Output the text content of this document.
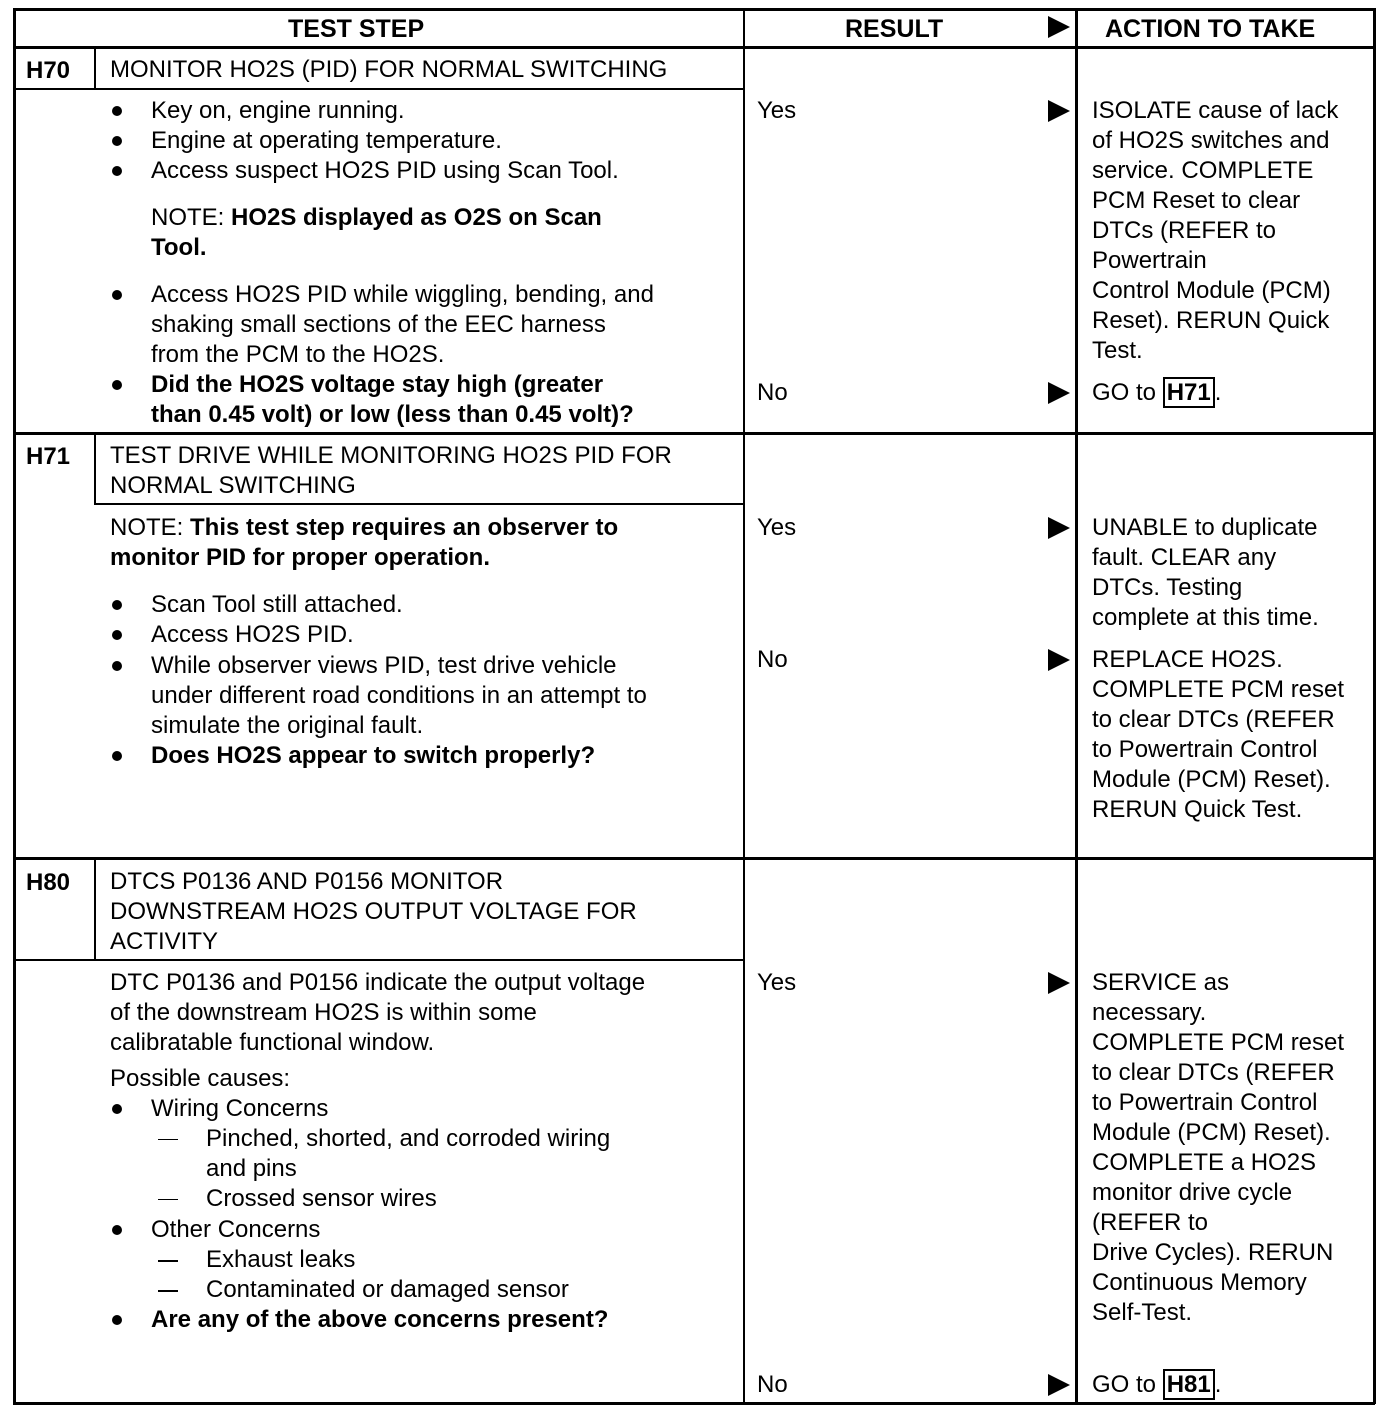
TEST STEP	RESULT	ACTION TO TAKE
H70 MONITOR HO2S (PID) FOR NORMAL SWITCHING
Key on, engine running.
Engine at operating temperature.
Access suspect HO2S PID using Scan Tool.
NOTE: HO2S displayed as O2S on Scan
Tool.
Access HO2S PID while wiggling, bending, and
shaking small sections of the EEC harness
from the PCM to the HO2S.
Did the HO2S voltage stay high (greater
than 0.45 volt) or low (less than 0.45 volt)?
Yes
No
ISOLATE cause of lack
of HO2S switches and
service. COMPLETE
PCM Reset to clear
DTCs (REFER to
Powertrain
Control Module (PCM)
Reset). RERUN Quick
Test.
GO to H71 .
H71 TEST DRIVE WHILE MONITORING HO2S PID FOR
NORMAL SWITCHING
NOTE: This test step requires an observer to
monitor PID for proper operation.
Scan Tool still attached.
Access HO2S PID.
While observer views PID, test drive vehicle
under different road conditions in an attempt to
simulate the original fault.
Does HO2S appear to switch properly?
Yes
No
UNABLE to duplicate
fault. CLEAR any
DTCs. Testing
complete at this time.
REPLACE HO2S.
COMPLETE PCM reset
to clear DTCs (REFER
to Powertrain Control
Module (PCM) Reset).
RERUN Quick Test.
H80 DTCS P0136 AND P0156 MONITOR
DOWNSTREAM HO2S OUTPUT VOLTAGE FOR
ACTIVITY
DTC P0136 and P0156 indicate the output voltage
of the downstream HO2S is within some
calibratable functional window.
Possible causes:
Wiring Concerns
Pinched, shorted, and corroded wiring
and pins
Crossed sensor wires
Other Concerns
Exhaust leaks
Contaminated or damaged sensor
Are any of the above concerns present?
Yes
No
SERVICE as
necessary.
COMPLETE PCM reset
to clear DTCs (REFER
to Powertrain Control
Module (PCM) Reset).
COMPLETE a HO2S
monitor drive cycle
(REFER to
Drive Cycles). RERUN
Continuous Memory
Self-Test.
GO to H81 .
